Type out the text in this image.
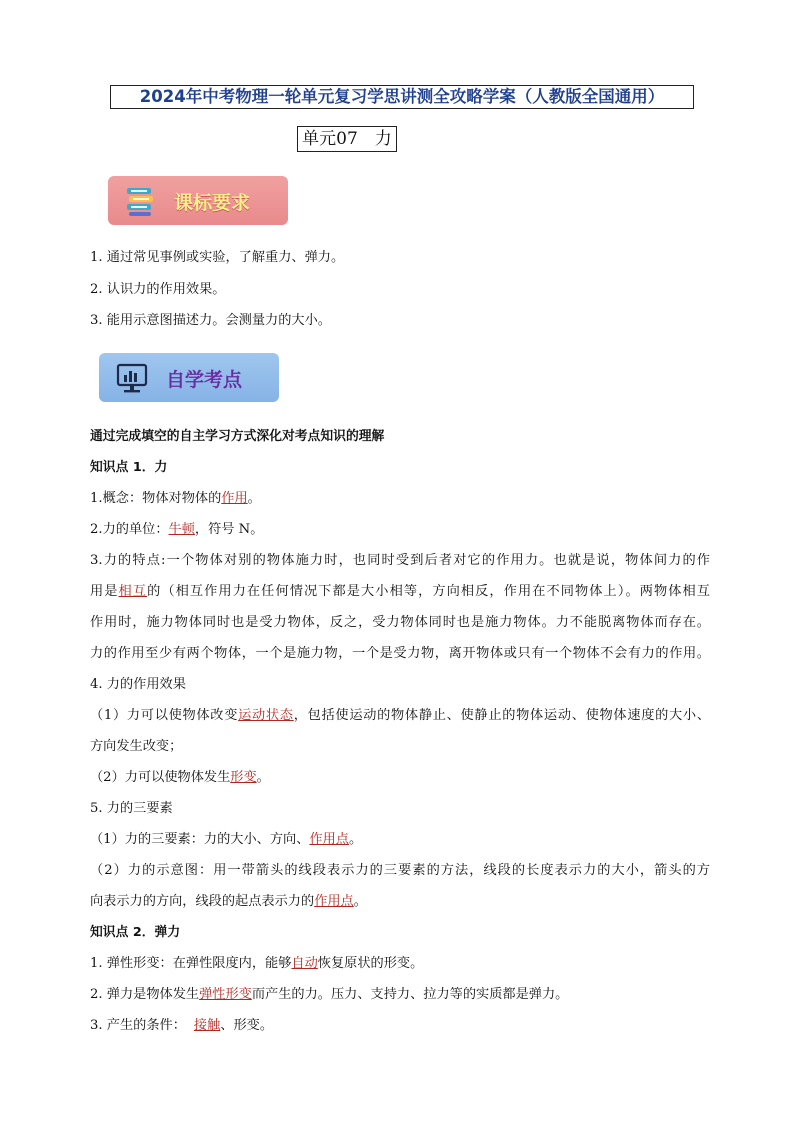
2024年中考物理一轮单元复习学思讲测全攻略学案（人教版全国通用）
单元07　力
课标要求
1. 通过常见事例或实验，了解重力、弹力。
2. 认识力的作用效果。
3. 能用示意图描述力。会测量力的大小。
自学考点
通过完成填空的自主学习方式深化对考点知识的理解
知识点 1．力
1.概念：物体对物体的作用。
2.力的单位：牛顿，符号 N。
3.力的特点:一个物体对别的物体施力时，也同时受到后者对它的作用力。也就是说，物体间力的作
用是相互的（相互作用力在任何情况下都是大小相等，方向相反，作用在不同物体上）。两物体相互
作用时，施力物体同时也是受力物体，反之，受力物体同时也是施力物体。力不能脱离物体而存在。
力的作用至少有两个物体，一个是施力物，一个是受力物，离开物体或只有一个物体不会有力的作用。
4. 力的作用效果
（1）力可以使物体改变运动状态，包括使运动的物体静止、使静止的物体运动、使物体速度的大小、
方向发生改变；
（2）力可以使物体发生形变。
5. 力的三要素
（1）力的三要素：力的大小、方向、作用点。
（2）力的示意图：用一带箭头的线段表示力的三要素的方法，线段的长度表示力的大小，箭头的方
向表示力的方向，线段的起点表示力的作用点。
知识点 2．弹力
1. 弹性形变：在弹性限度内，能够自动恢复原状的形变。
2. 弹力是物体发生弹性形变而产生的力。压力、支持力、拉力等的实质都是弹力。
3. 产生的条件： 接触、形变。
